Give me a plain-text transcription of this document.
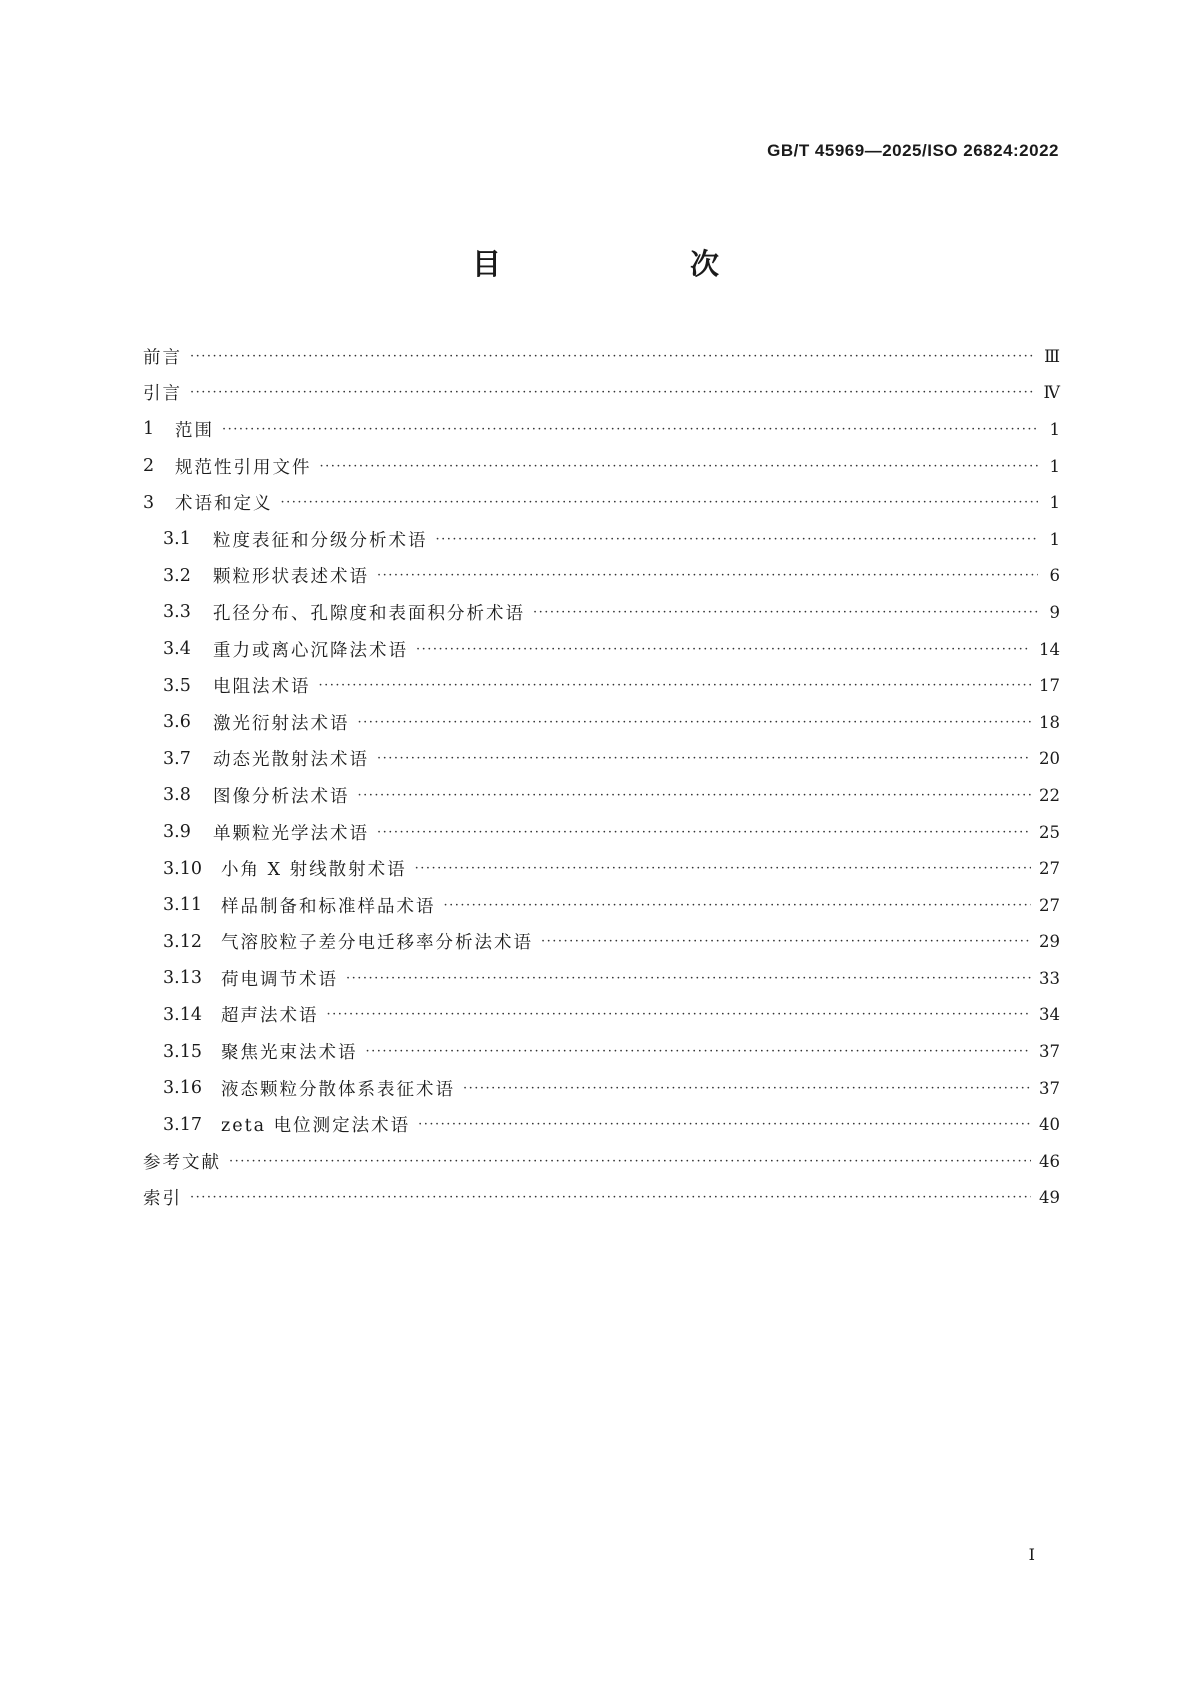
GB/T 45969—2025/ISO 26824:2022
目　次
前言 ·····	Ⅲ
引言 ·····	Ⅳ
1	范围 ·····	1
2	规范性引用文件 ·····	1
3	术语和定义 ·····	1
3.1	粒度表征和分级分析术语 ·····	1
3.2	颗粒形状表述术语 ·····	6
3.3	孔径分布、孔隙度和表面积分析术语 ·····	9
3.4	重力或离心沉降法术语 ·····	14
3.5	电阻法术语 ·····	17
3.6	激光衍射法术语 ·····	18
3.7	动态光散射法术语 ·····	20
3.8	图像分析法术语 ·····	22
3.9	单颗粒光学法术语 ·····	25
3.10	小角 X 射线散射术语 ·····	27
3.11	样品制备和标准样品术语 ·····	27
3.12	气溶胶粒子差分电迁移率分析法术语 ·····	29
3.13	荷电调节术语 ·····	33
3.14	超声法术语 ·····	34
3.15	聚焦光束法术语 ·····	37
3.16	液态颗粒分散体系表征术语 ·····	37
3.17	zeta 电位测定法术语 ·····	40
参考文献 ·····	46
索引 ·····	49
I
